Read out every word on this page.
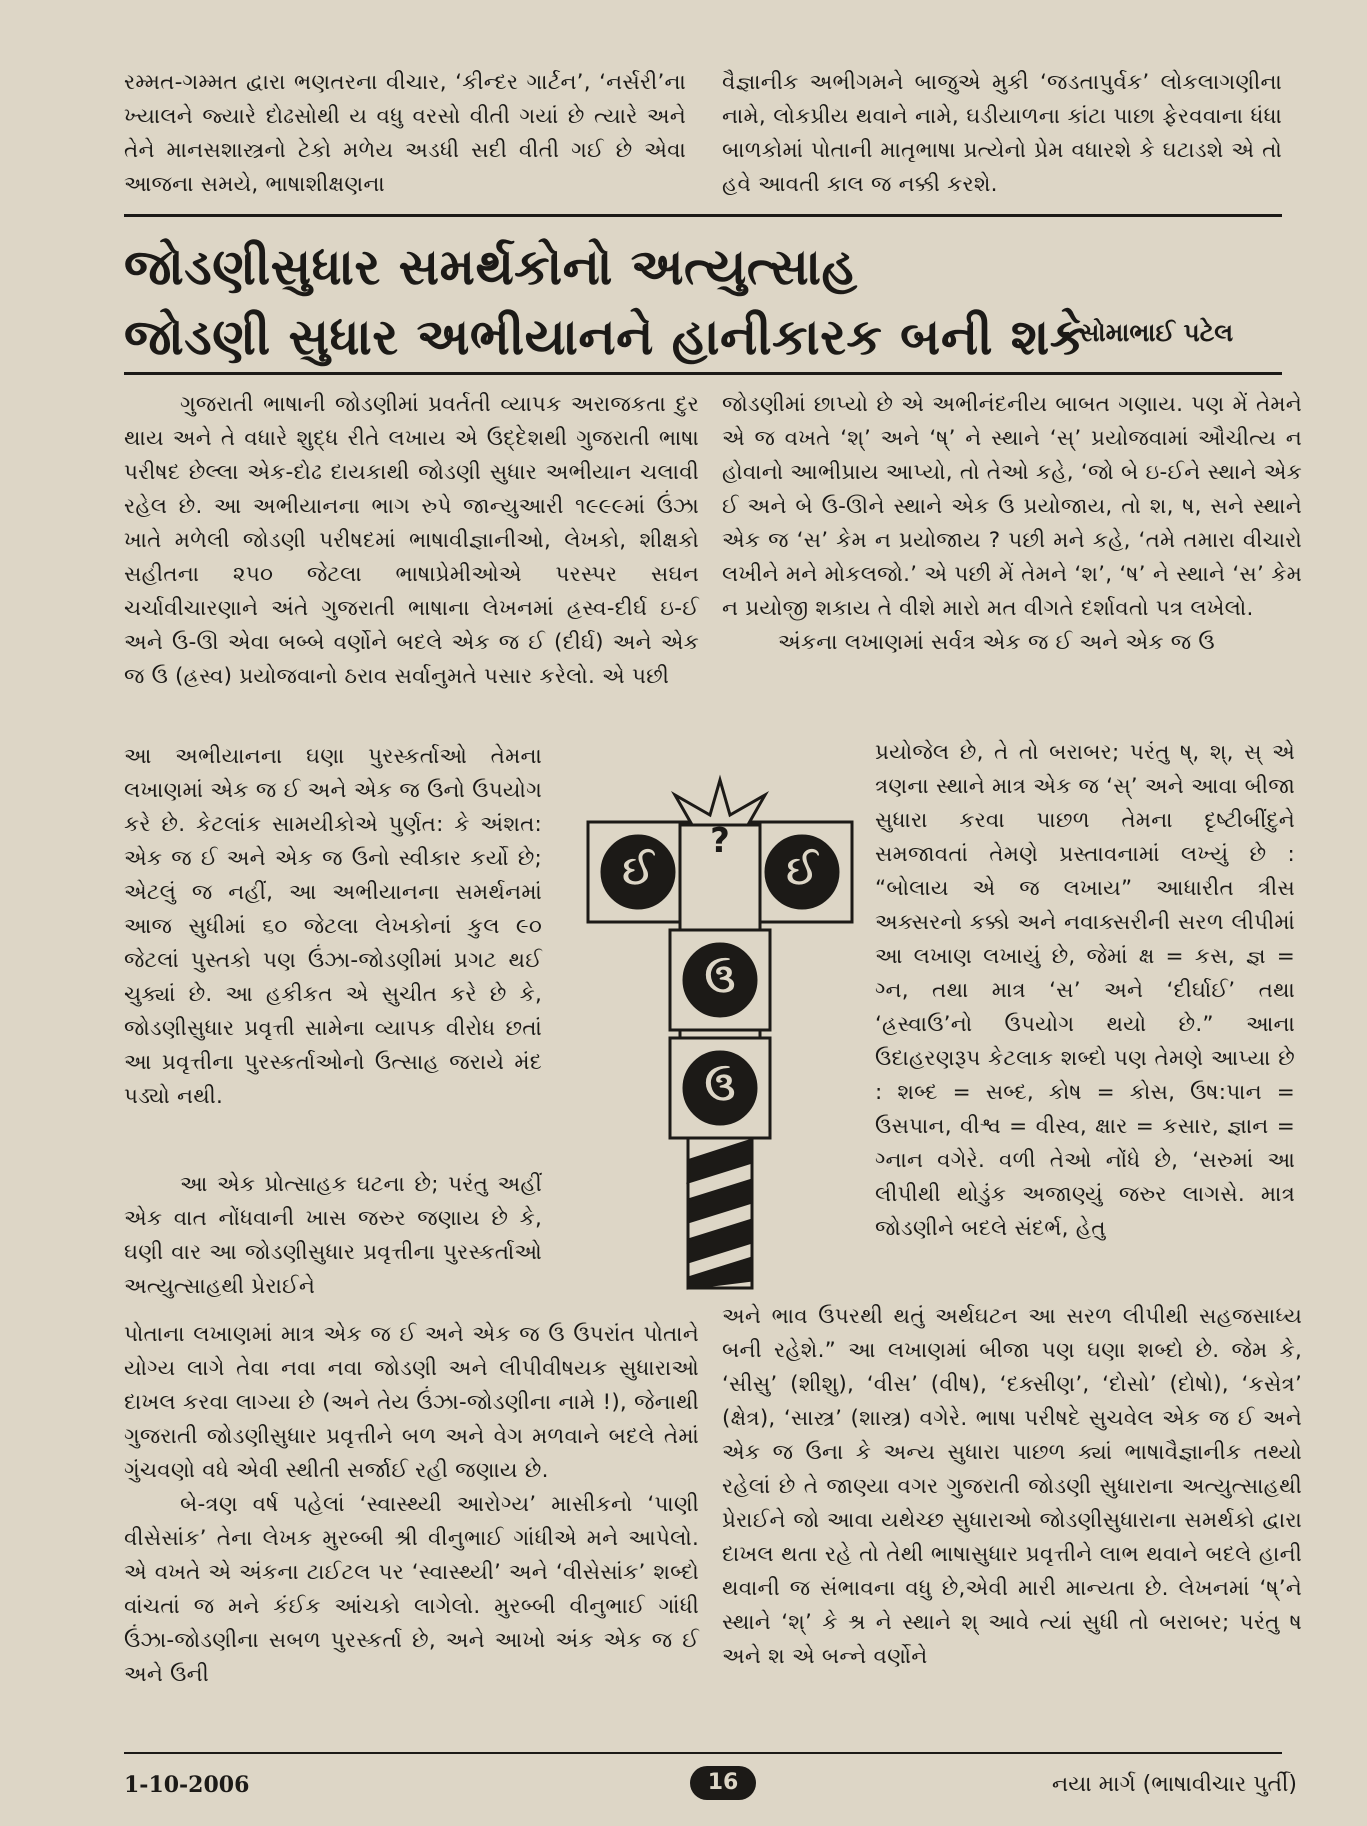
રમ્મત-ગમ્મત દ્વારા ભણતરના વીચાર, ‘કીન્દર ગાર્ટન’, ‘નર્સરી’ના ખ્યાલને જ્યારે દોઢસોથી ય વધુ વરસો વીતી ગયાં છે ત્યારે અને તેને માનસશાસ્ત્રનો ટેકો મળેય અડધી સદી વીતી ગઈ છે એવા આજના સમયે, ભાષાશીક્ષણના

વૈજ્ઞાનીક અભીગમને બાજુએ મુકી ‘જડતાપુર્વક’ લોકલાગણીના નામે, લોકપ્રીય થવાને નામે, ઘડીયાળના કાંટા પાછા ફેરવવાના ધંધા બાળકોમાં પોતાની માતૃભાષા પ્રત્યેનો પ્રેમ વધારશે કે ઘટાડશે એ તો હવે આવતી કાલ જ નક્કી કરશે.

જોડણીસુધાર સમર્થકોનો અત્યુત્સાહ
જોડણી સુધાર અભીયાનને હાનીકારક બની શકે
- સોમાભાઈ પટેલ

ગુજરાતી ભાષાની જોડણીમાં પ્રવર્તતી વ્યાપક અરાજકતા દુર થાય અને તે વધારે શુદ્ધ રીતે લખાય એ ઉદ્દેશથી ગુજરાતી ભાષા પરીષદ છેલ્લા એક-દોઢ દાયકાથી જોડણી સુધાર અભીયાન ચલાવી રહેલ છે. આ અભીયાનના ભાગ રુપે જાન્યુઆરી ૧૯૯૯માં ઉંઝા ખાતે મળેલી જોડણી પરીષદમાં ભાષાવીજ્ઞાનીઓ, લેખકો, શીક્ષકો સહીતના ૨૫૦ જેટલા ભાષાપ્રેમીઓએ પરસ્પર સઘન ચર્ચાવીચારણાને અંતે ગુજરાતી ભાષાના લેખનમાં હ્રસ્વ-દીર્ઘ ઇ-ઈ અને ઉ-ઊ એવા બબ્બે વર્ણોને બદલે એક જ ઈ (દીર્ઘ) અને એક જ ઉ (હ્રસ્વ) પ્રયોજવાનો ઠરાવ સર્વાનુમતે પસાર કરેલો. એ પછી

આ અભીયાનના ઘણા પુરસ્કર્તાઓ તેમના લખાણમાં એક જ ઈ અને એક જ ઉનો ઉપયોગ કરે છે. કેટલાંક સામયીકોએ પુર્ણત: કે અંશત: એક જ ઈ અને એક જ ઉનો સ્વીકાર કર્યો છે; એટલું જ નહીં, આ અભીયાનના સમર્થનમાં આજ સુધીમાં ૬૦ જેટલા લેખકોનાં કુલ ૯૦ જેટલાં પુસ્તકો પણ ઉંઝા-જોડણીમાં પ્રગટ થઈ ચુક્યાં છે. આ હકીકત એ સુચીત કરે છે કે, જોડણીસુધાર પ્રવૃત્તી સામેના વ્યાપક વીરોધ છતાં આ પ્રવૃત્તીના પુરસ્કર્તાઓનો ઉત્સાહ જરાયે મંદ પડ્યો નથી.

આ એક પ્રોત્સાહક ઘટના છે; પરંતુ અહીં એક વાત નોંધવાની ખાસ જરુર જણાય છે કે, ઘણી વાર આ જોડણીસુધાર પ્રવૃત્તીના પુરસ્કર્તાઓ અત્યુત્સાહથી પ્રેરાઈને

પોતાના લખાણમાં માત્ર એક જ ઈ અને એક જ ઉ ઉપરાંત પોતાને યોગ્ય લાગે તેવા નવા નવા જોડણી અને લીપીવીષયક સુધારાઓ દાખલ કરવા લાગ્યા છે (અને તેય ઉંઝા-જોડણીના નામે !), જેનાથી ગુજરાતી જોડણીસુધાર પ્રવૃત્તીને બળ અને વેગ મળવાને બદલે તેમાં ગુંચવણો વધે એવી સ્થીતી સર્જાઈ રહી જણાય છે.

બે-ત્રણ વર્ષ પહેલાં ‘સ્વાસ્થ્યી આરોગ્ય’ માસીકનો ‘પાણી વીસેસાંક’ તેના લેખક મુરબ્બી શ્રી વીનુભાઈ ગાંધીએ મને આપેલો. એ વખતે એ અંકના ટાઈટલ પર ‘સ્વાસ્થ્યી’ અને ‘વીસેસાંક’ શબ્દો વાંચતાં જ મને કંઈક આંચકો લાગેલો. મુરબ્બી વીનુભાઈ ગાંધી ઉંઝા-જોડણીના સબળ પુરસ્કર્તા છે, અને આખો અંક એક જ ઈ અને ઉની

જોડણીમાં છાપ્યો છે એ અભીનંદનીય બાબત ગણાય. પણ મેં તેમને એ જ વખતે ‘શ્’ અને ‘ષ્’ ને સ્થાને ‘સ્’ પ્રયોજવામાં ઔચીત્ય ન હોવાનો આભીપ્રાય આપ્યો, તો તેઓ કહે, ‘જો બે ઇ-ઈને સ્થાને એક ઈ અને બે ઉ-ઊને સ્થાને એક ઉ પ્રયોજાય, તો શ, ષ, સને સ્થાને એક જ ‘સ’ કેમ ન પ્રયોજાય ? પછી મને કહે, ‘તમે તમારા વીચારો લખીને મને મોકલજો.’ એ પછી મેં તેમને ‘શ’, ‘ષ’ ને સ્થાને ‘સ’ કેમ ન પ્રયોજી શકાય તે વીશે મારો મત વીગતે દર્શાવતો પત્ર લખેલો.

અંકના લખાણમાં સર્વત્ર એક જ ઈ અને એક જ ઉ

પ્રયોજેલ છે, તે તો બરાબર; પરંતુ ષ્, શ્, સ્ એ ત્રણના સ્થાને માત્ર એક જ ‘સ્’ અને આવા બીજા સુધારા કરવા પાછળ તેમના દૃષ્ટીબીંદુને સમજાવતાં તેમણે પ્રસ્તાવનામાં લખ્યું છે : “બોલાય એ જ લખાય” આધારીત ત્રીસ અક્સરનો કક્કો અને નવાક્સરીની સરળ લીપીમાં આ લખાણ લખાયું છે, જેમાં ક્ષ = કસ, જ્ઞ = ગ્ન, તથા માત્ર ‘સ’ અને ‘દીર્ઘાઈ’ તથા ‘હ્રસ્વાઉ’નો ઉપયોગ થયો છે.” આના ઉદાહરણરૂપ કેટલાક શબ્દો પણ તેમણે આપ્યા છે : શબ્દ = સબ્દ, કોષ = કોસ, ઉષ:પાન = ઉસપાન, વીશ્વ = વીસ્વ, ક્ષાર = કસાર, જ્ઞાન = ગ્નાન વગેરે. વળી તેઓ નોંધે છે, ‘સરુમાં આ લીપીથી થોડુંક અજાણ્યું જરુર લાગસે. માત્ર જોડણીને બદલે સંદર્ભ, હેતુ

અને ભાવ ઉપરથી થતું અર્થઘટન આ સરળ લીપીથી સહજસાધ્ય બની રહેશે.” આ લખાણમાં બીજા પણ ઘણા શબ્દો છે. જેમ કે, ‘સીસુ’ (શીશુ), ‘વીસ’ (વીષ), ‘દક્સીણ’, ‘દોસો’ (દોષો), ‘કસેત્ર’ (ક્ષેત્ર), ‘સાસ્ત્ર’ (શાસ્ત્ર) વગેરે. ભાષા પરીષદે સુચવેલ એક જ ઈ અને એક જ ઉના કે અન્ય સુધારા પાછળ ક્યાં ભાષાવૈજ્ઞાનીક તથ્યો રહેલાં છે તે જાણ્યા વગર ગુજરાતી જોડણી સુધારાના અત્યુત્સાહથી પ્રેરાઈને જો આવા યથેચ્છ સુધારાઓ જોડણીસુધારાના સમર્થકો દ્વારા દાખલ થતા રહે તો તેથી ભાષાસુધાર પ્રવૃત્તીને લાભ થવાને બદલે હાની થવાની જ સંભાવના વધુ છે,એવી મારી માન્યતા છે. લેખનમાં ‘ષ્’ને સ્થાને ‘શ્’ કે શ્ર ને સ્થાને શ્ આવે ત્યાં સુધી તો બરાબર; પરંતુ ષ અને શ એ બન્ને વર્ણોને

?
ઈ	ઈ
ઉ
ઉ
1-10-2006	16	નયા માર્ગ (ભાષાવીચાર પુર્તી)
